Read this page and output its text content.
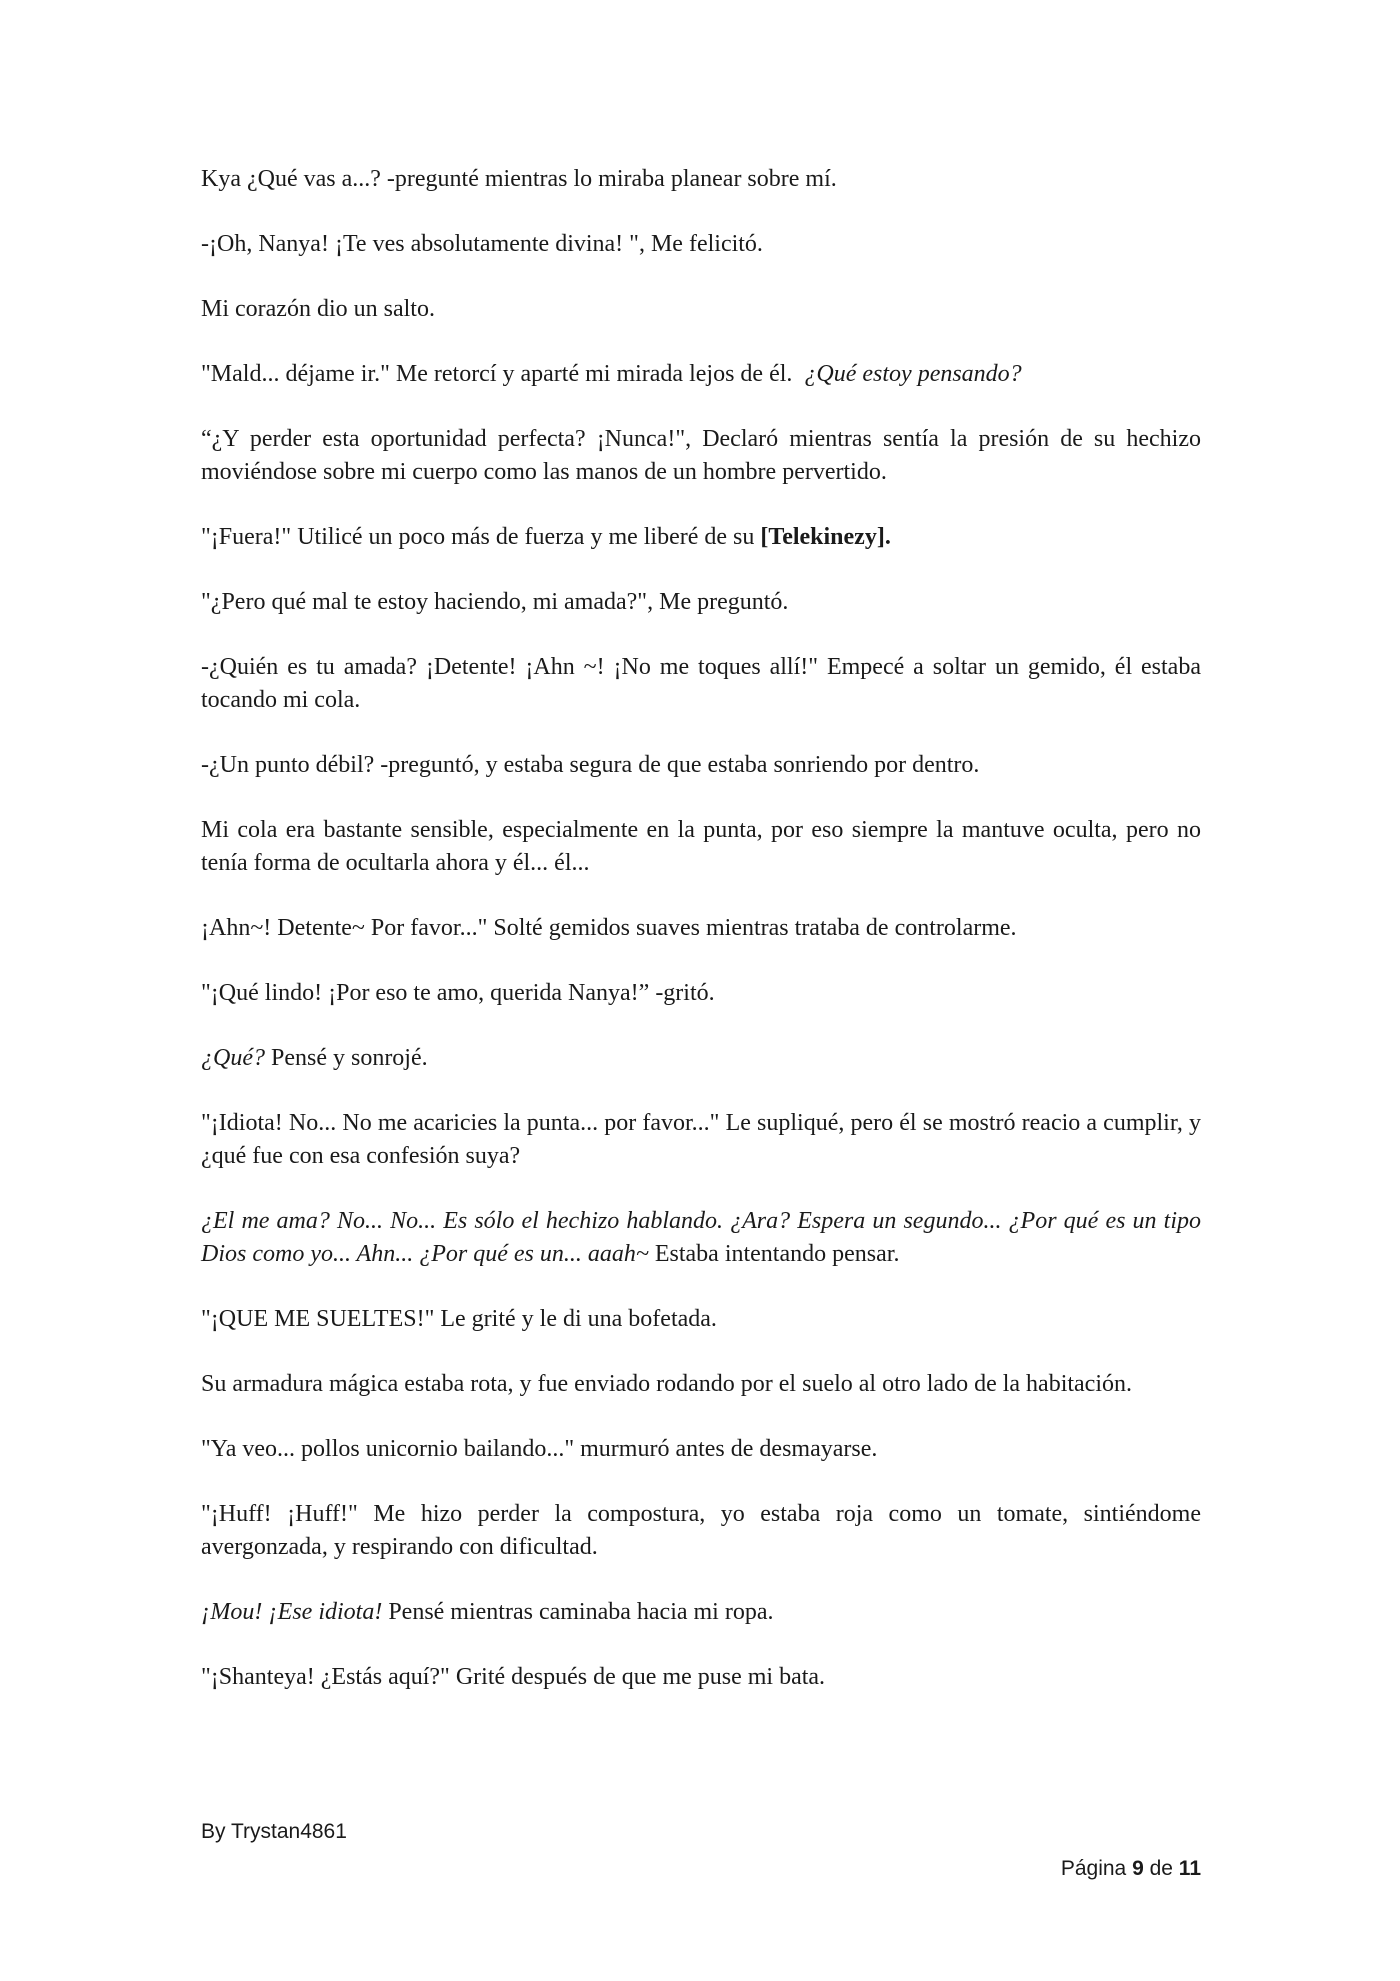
Kya ¿Qué vas a...? -pregunté mientras lo miraba planear sobre mí.

-¡Oh, Nanya! ¡Te ves absolutamente divina! ", Me felicitó.

Mi corazón dio un salto.

"Mald... déjame ir." Me retorcí y aparté mi mirada lejos de él.  ¿Qué estoy pensando?

“¿Y perder esta oportunidad perfecta? ¡Nunca!", Declaró mientras sentía la presión de su hechizo moviéndose sobre mi cuerpo como las manos de un hombre pervertido.

"¡Fuera!" Utilicé un poco más de fuerza y me liberé de su [Telekinezy].

"¿Pero qué mal te estoy haciendo, mi amada?", Me preguntó.

-¿Quién es tu amada? ¡Detente! ¡Ahn ~! ¡No me toques allí!" Empecé a soltar un gemido, él estaba tocando mi cola.

-¿Un punto débil? -preguntó, y estaba segura de que estaba sonriendo por dentro.

Mi cola era bastante sensible, especialmente en la punta, por eso siempre la mantuve oculta, pero no tenía forma de ocultarla ahora y él... él...

¡Ahn~! Detente~ Por favor..." Solté gemidos suaves mientras trataba de controlarme.

"¡Qué lindo! ¡Por eso te amo, querida Nanya!” -gritó.

¿Qué? Pensé y sonrojé.

"¡Idiota! No... No me acaricies la punta... por favor..." Le supliqué, pero él se mostró reacio a cumplir, y ¿qué fue con esa confesión suya?

¿El me ama? No... No... Es sólo el hechizo hablando. ¿Ara? Espera un segundo... ¿Por qué es un tipo Dios como yo... Ahn... ¿Por qué es un... aaah~ Estaba intentando pensar.

"¡QUE ME SUELTES!" Le grité y le di una bofetada.

Su armadura mágica estaba rota, y fue enviado rodando por el suelo al otro lado de la habitación.

"Ya veo... pollos unicornio bailando..." murmuró antes de desmayarse.

"¡Huff! ¡Huff!" Me hizo perder la compostura, yo estaba roja como un tomate, sintiéndome avergonzada, y respirando con dificultad.

¡Mou! ¡Ese idiota! Pensé mientras caminaba hacia mi ropa.

"¡Shanteya! ¿Estás aquí?" Grité después de que me puse mi bata.

By Trystan4861
Página 9 de 11
